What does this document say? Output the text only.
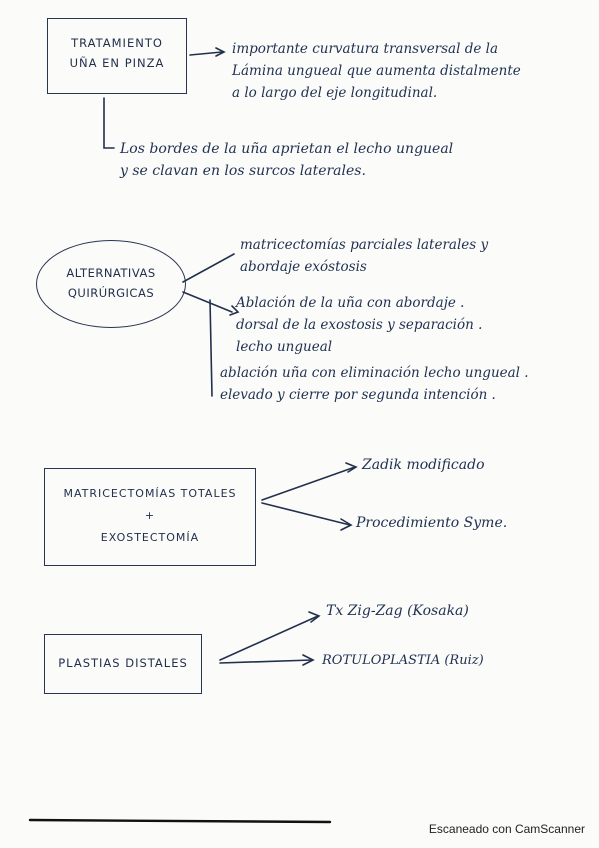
TRATAMIENTO
UÑA EN PINZA
importante curvatura transversal de la
Lámina ungueal que aumenta distalmente
a lo largo del eje longitudinal.
Los bordes de la uña aprietan el lecho ungueal
y se clavan en los surcos laterales.
ALTERNATIVAS
QUIRÚRGICAS
matricectomías parciales laterales y
abordaje exóstosis
Ablación de la uña con abordaje .
dorsal de la exostosis y separación .
lecho ungueal
ablación uña con eliminación lecho ungueal .
elevado y cierre por segunda intención .
MATRICECTOMÍAS TOTALES
+
EXOSTECTOMÍA
Zadik modificado
Procedimiento Syme.
PLASTIAS DISTALES
Tx Zig-Zag (Kosaka)
ROTULOPLASTIA (Ruiz)
Escaneado con CamScanner
